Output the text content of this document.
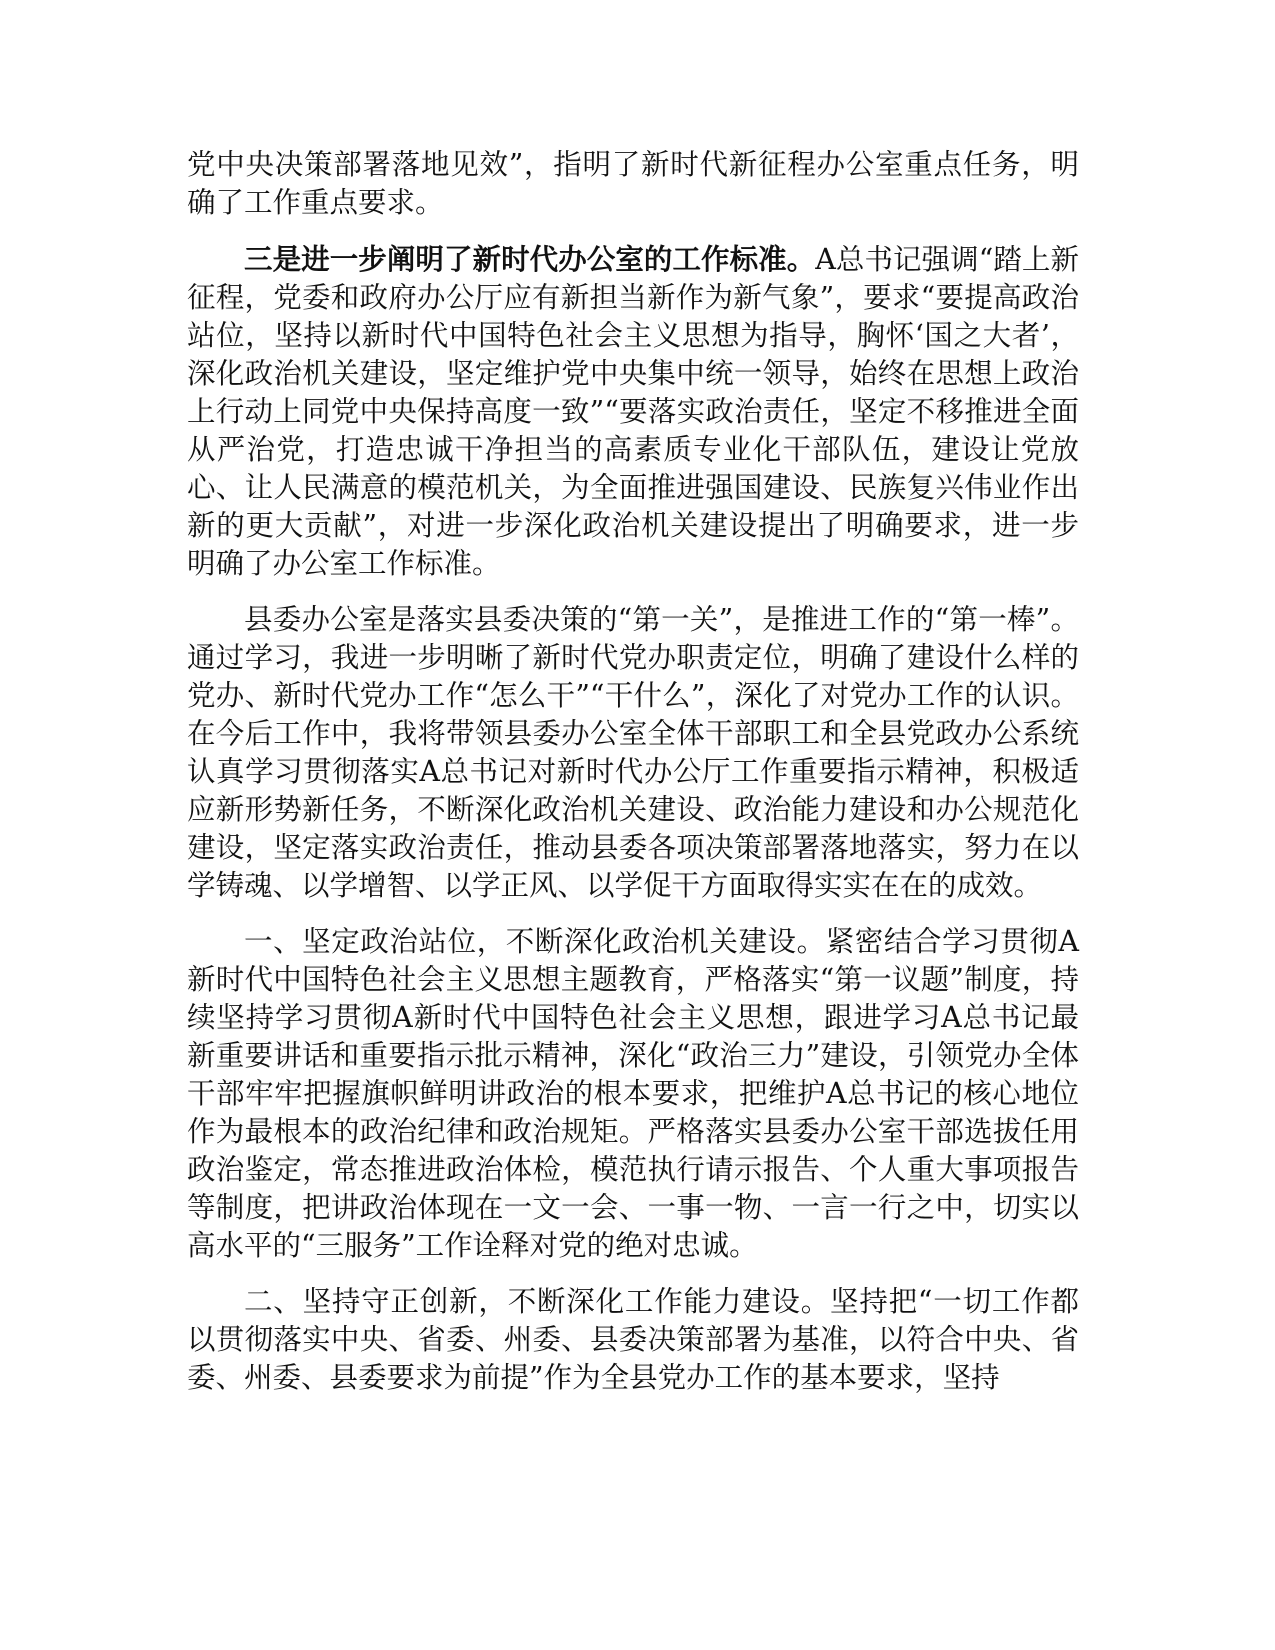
党中央决策部署落地见效”，指明了新时代新征程办公室重点任务，明确了工作重点要求。

三是进一步阐明了新时代办公室的工作标准。A总书记强调“踏上新征程，党委和政府办公厅应有新担当新作为新气象”，要求“要提高政治站位，坚持以新时代中国特色社会主义思想为指导，胸怀‘国之大者’，深化政治机关建设，坚定维护党中央集中统一领导，始终在思想上政治上行动上同党中央保持高度一致”“要落实政治责任，坚定不移推进全面从严治党，打造忠诚干净担当的高素质专业化干部队伍，建设让党放心、让人民满意的模范机关，为全面推进强国建设、民族复兴伟业作出新的更大贡献”，对进一步深化政治机关建设提出了明确要求，进一步明确了办公室工作标准。

县委办公室是落实县委决策的“第一关”，是推进工作的“第一棒”。通过学习，我进一步明晰了新时代党办职责定位，明确了建设什么样的党办、新时代党办工作“怎么干”“干什么”，深化了对党办工作的认识。在今后工作中，我将带领县委办公室全体干部职工和全县党政办公系统认真学习贯彻落实A总书记对新时代办公厅工作重要指示精神，积极适应新形势新任务，不断深化政治机关建设、政治能力建设和办公规范化建设，坚定落实政治责任，推动县委各项决策部署落地落实，努力在以学铸魂、以学增智、以学正风、以学促干方面取得实实在在的成效。

一、坚定政治站位，不断深化政治机关建设。紧密结合学习贯彻A新时代中国特色社会主义思想主题教育，严格落实“第一议题”制度，持续坚持学习贯彻A新时代中国特色社会主义思想，跟进学习A总书记最新重要讲话和重要指示批示精神，深化“政治三力”建设，引领党办全体干部牢牢把握旗帜鲜明讲政治的根本要求，把维护A总书记的核心地位作为最根本的政治纪律和政治规矩。严格落实县委办公室干部选拔任用政治鉴定，常态推进政治体检，模范执行请示报告、个人重大事项报告等制度，把讲政治体现在一文一会、一事一物、一言一行之中，切实以高水平的“三服务”工作诠释对党的绝对忠诚。

二、坚持守正创新，不断深化工作能力建设。坚持把“一切工作都以贯彻落实中央、省委、州委、县委决策部署为基准，以符合中央、省委、州委、县委要求为前提”作为全县党办工作的基本要求，坚持
